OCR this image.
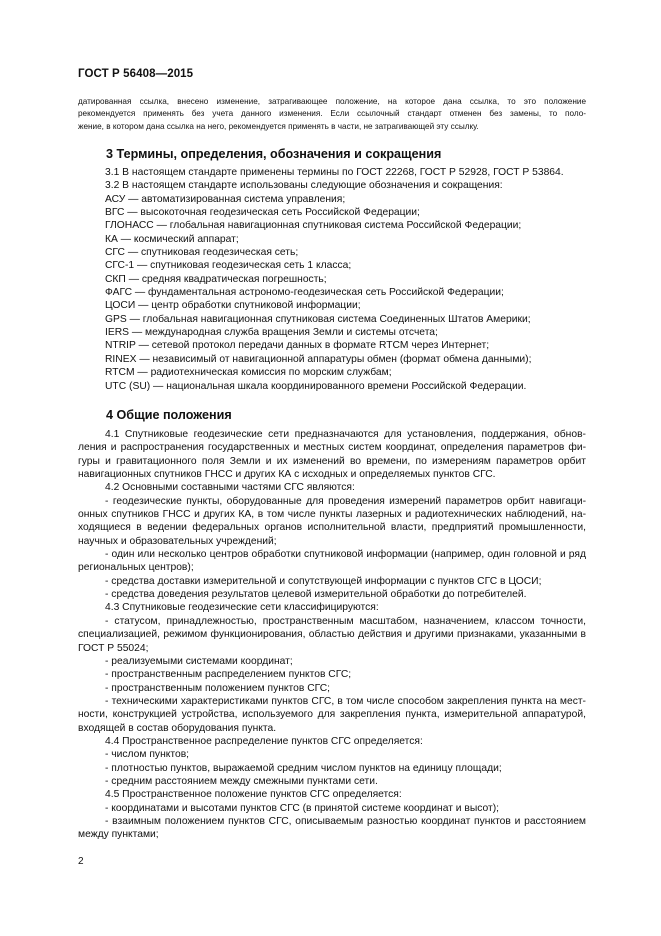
ГОСТ Р 56408—2015
датированная ссылка, внесено изменение, затрагивающее положение, на которое дана ссылка, то это положение
рекомендуется применять без учета данного изменения. Если ссылочный стандарт отменен без замены, то поло-
жение, в котором дана ссылка на него, рекомендуется применять в части, не затрагивающей эту ссылку.
3 Термины, определения, обозначения и сокращения
3.1 В настоящем стандарте применены термины по ГОСТ 22268, ГОСТ Р 52928, ГОСТ Р 53864.
3.2 В настоящем стандарте использованы следующие обозначения и сокращения:
АСУ — автоматизированная система управления;
ВГС — высокоточная геодезическая сеть Российской Федерации;
ГЛОНАСС — глобальная навигационная спутниковая система Российской Федерации;
КА — космический аппарат;
СГС — спутниковая геодезическая сеть;
СГС-1 — спутниковая геодезическая сеть 1 класса;
СКП — средняя квадратическая погрешность;
ФАГС — фундаментальная астрономо-геодезическая сеть Российской Федерации;
ЦОСИ — центр обработки спутниковой информации;
GPS — глобальная навигационная спутниковая система Соединенных Штатов Америки;
IERS — международная служба вращения Земли и системы отсчета;
NTRIP — сетевой протокол передачи данных в формате RTCM через Интернет;
RINEX — независимый от навигационной аппаратуры обмен (формат обмена данными);
RTCM — радиотехническая комиссия по морским службам;
UTC (SU) — национальная шкала координированного времени Российской Федерации.
4 Общие положения
4.1 Спутниковые геодезические сети предназначаются для установления, поддержания, обнов-
ления и распространения государственных и местных систем координат, определения параметров фи-
гуры и гравитационного поля Земли и их изменений во времени, по измерениям параметров орбит
навигационных спутников ГНСС и других КА с исходных и определяемых пунктов СГС.
4.2 Основными составными частями СГС являются:
- геодезические пункты, оборудованные для проведения измерений параметров орбит навигаци-
онных спутников ГНСС и других КА, в том числе пункты лазерных и радиотехнических наблюдений, на-
ходящиеся в ведении федеральных органов исполнительной власти, предприятий промышленности,
научных и образовательных учреждений;
- один или несколько центров обработки спутниковой информации (например, один головной и ряд
региональных центров);
- средства доставки измерительной и сопутствующей информации с пунктов СГС в ЦОСИ;
- средства доведения результатов целевой измерительной обработки до потребителей.
4.3 Спутниковые геодезические сети классифицируются:
- статусом, принадлежностью, пространственным масштабом, назначением, классом точности,
специализацией, режимом функционирования, областью действия и другими признаками, указанными в
ГОСТ Р 55024;
- реализуемыми системами координат;
- пространственным распределением пунктов СГС;
- пространственным положением пунктов СГС;
- техническими характеристиками пунктов СГС, в том числе способом закрепления пункта на мест-
ности, конструкцией устройства, используемого для закрепления пункта, измерительной аппаратурой,
входящей в состав оборудования пункта.
4.4 Пространственное распределение пунктов СГС определяется:
- числом пунктов;
- плотностью пунктов, выражаемой средним числом пунктов на единицу площади;
- средним расстоянием между смежными пунктами сети.
4.5 Пространственное положение пунктов СГС определяется:
- координатами и высотами пунктов СГС (в принятой системе координат и высот);
- взаимным положением пунктов СГС, описываемым разностью координат пунктов и расстоянием
между пунктами;
2
